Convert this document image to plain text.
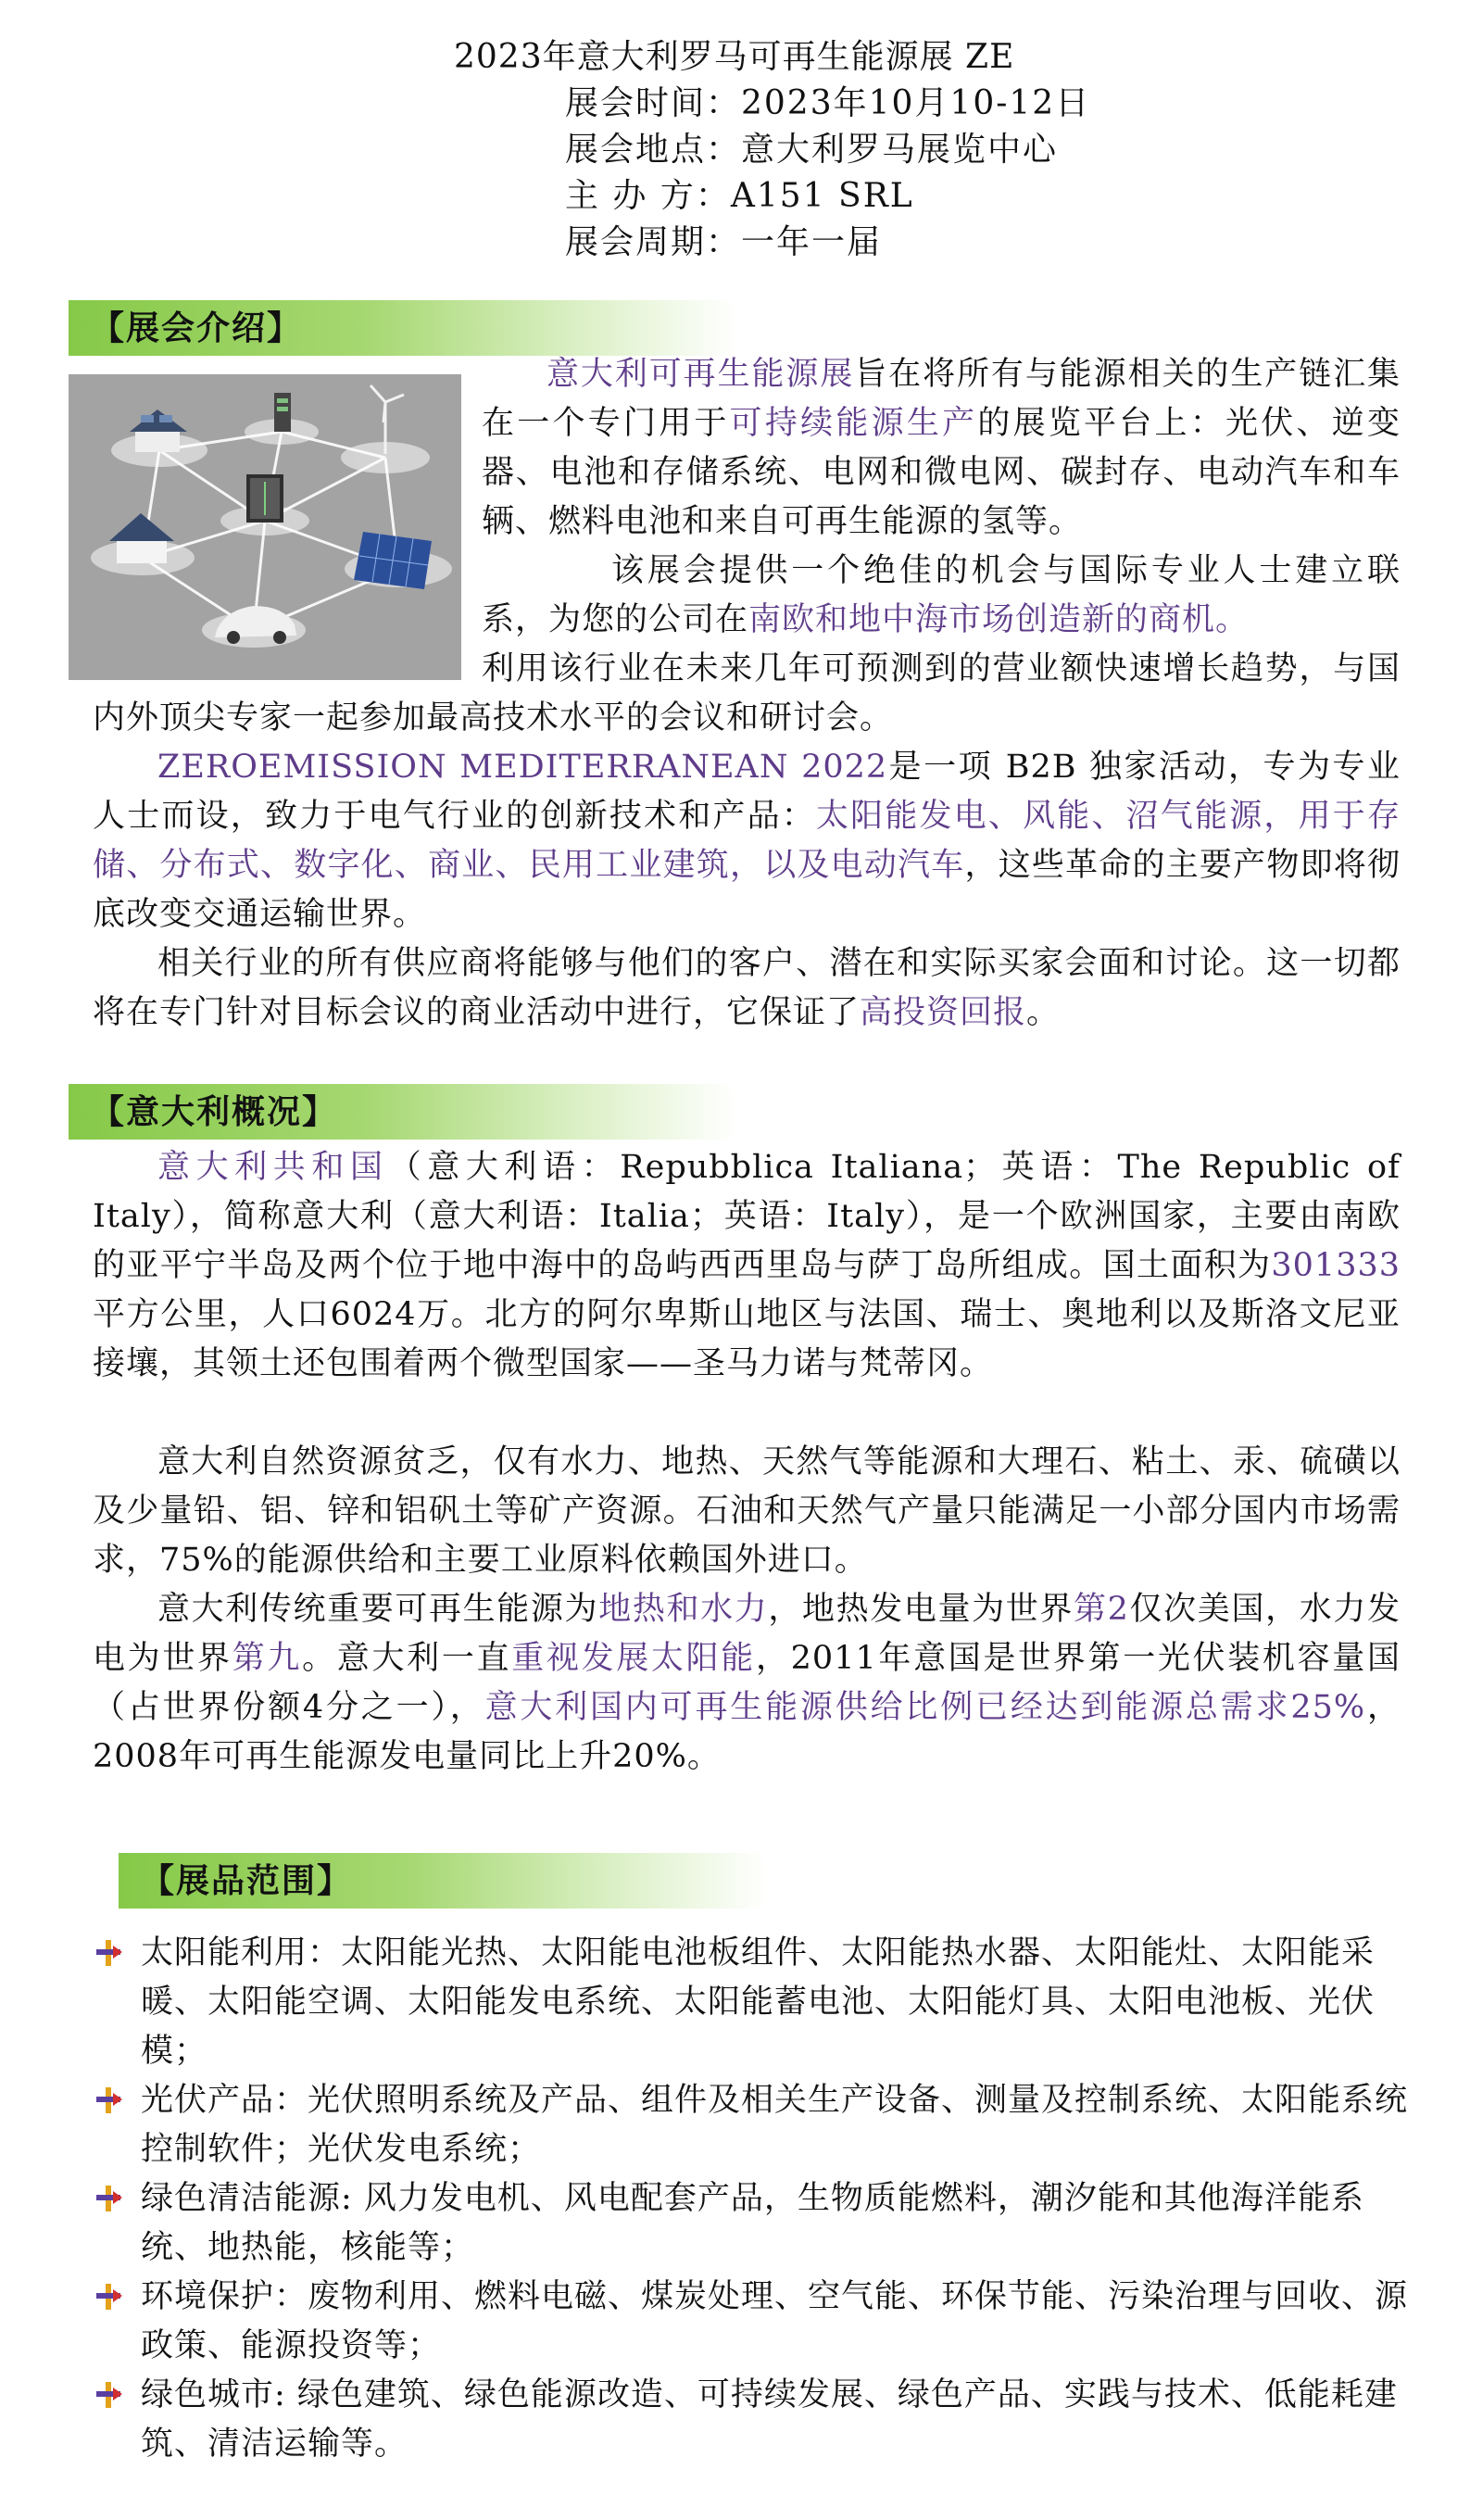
2023年意大利罗马可再生能源展 ZE
展会时间：2023年10月10-12日
展会地点：意大利罗马展览中心
主 办 方：A151 SRL
展会周期：一年一届
【展会介绍】
意大利可再生能源展旨在将所有与能源相关的生产链汇集在一个专门用于可持续能源生产的展览平台上：光伏、逆变器、电池和存储系统、电网和微电网、碳封存、电动汽车和车辆、燃料电池和来自可再生能源的氢等。
该展会提供一个绝佳的机会与国际专业人士建立联系，为您的公司在南欧和地中海市场创造新的商机。
利用该行业在未来几年可预测到的营业额快速增长趋势，与国内外顶尖专家一起参加最高技术水平的会议和研讨会。
ZEROEMISSION MEDITERRANEAN 2022是一项 B2B 独家活动，专为专业人士而设，致力于电气行业的创新技术和产品：太阳能发电、风能、沼气能源，用于存储、分布式、数字化、商业、民用工业建筑，以及电动汽车，这些革命的主要产物即将彻底改变交通运输世界。
相关行业的所有供应商将能够与他们的客户、潜在和实际买家会面和讨论。这一切都将在专门针对目标会议的商业活动中进行，它保证了高投资回报。
【意大利概况】
意大利共和国（意大利语：Repubblica Italiana；英语：The Republic of Italy），简称意大利（意大利语：Italia；英语：Italy），是一个欧洲国家，主要由南欧的亚平宁半岛及两个位于地中海中的岛屿西西里岛与萨丁岛所组成。国土面积为301333平方公里，人口6024万。北方的阿尔卑斯山地区与法国、瑞士、奥地利以及斯洛文尼亚接壤，其领土还包围着两个微型国家——圣马力诺与梵蒂冈。
意大利自然资源贫乏，仅有水力、地热、天然气等能源和大理石、粘土、汞、硫磺以及少量铅、铝、锌和铝矾土等矿产资源。石油和天然气产量只能满足一小部分国内市场需求，75%的能源供给和主要工业原料依赖国外进口。
意大利传统重要可再生能源为地热和水力，地热发电量为世界第2仅次美国，水力发电为世界第九。意大利一直重视发展太阳能，2011年意国是世界第一光伏装机容量国（占世界份额4分之一），意大利国内可再生能源供给比例已经达到能源总需求25%，2008年可再生能源发电量同比上升20%。
【展品范围】
太阳能利用：太阳能光热、太阳能电池板组件、太阳能热水器、太阳能灶、太阳能采暖、太阳能空调、太阳能发电系统、太阳能蓄电池、太阳能灯具、太阳电池板、光伏模；
光伏产品：光伏照明系统及产品、组件及相关生产设备、测量及控制系统、太阳能系统控制软件；光伏发电系统；
绿色清洁能源: 风力发电机、风电配套产品，生物质能燃料，潮汐能和其他海洋能系统、地热能，核能等；
环境保护：废物利用、燃料电磁、煤炭处理、空气能、环保节能、污染治理与回收、源政策、能源投资等；
绿色城市: 绿色建筑、绿色能源改造、可持续发展、绿色产品、实践与技术、低能耗建筑、清洁运输等。
